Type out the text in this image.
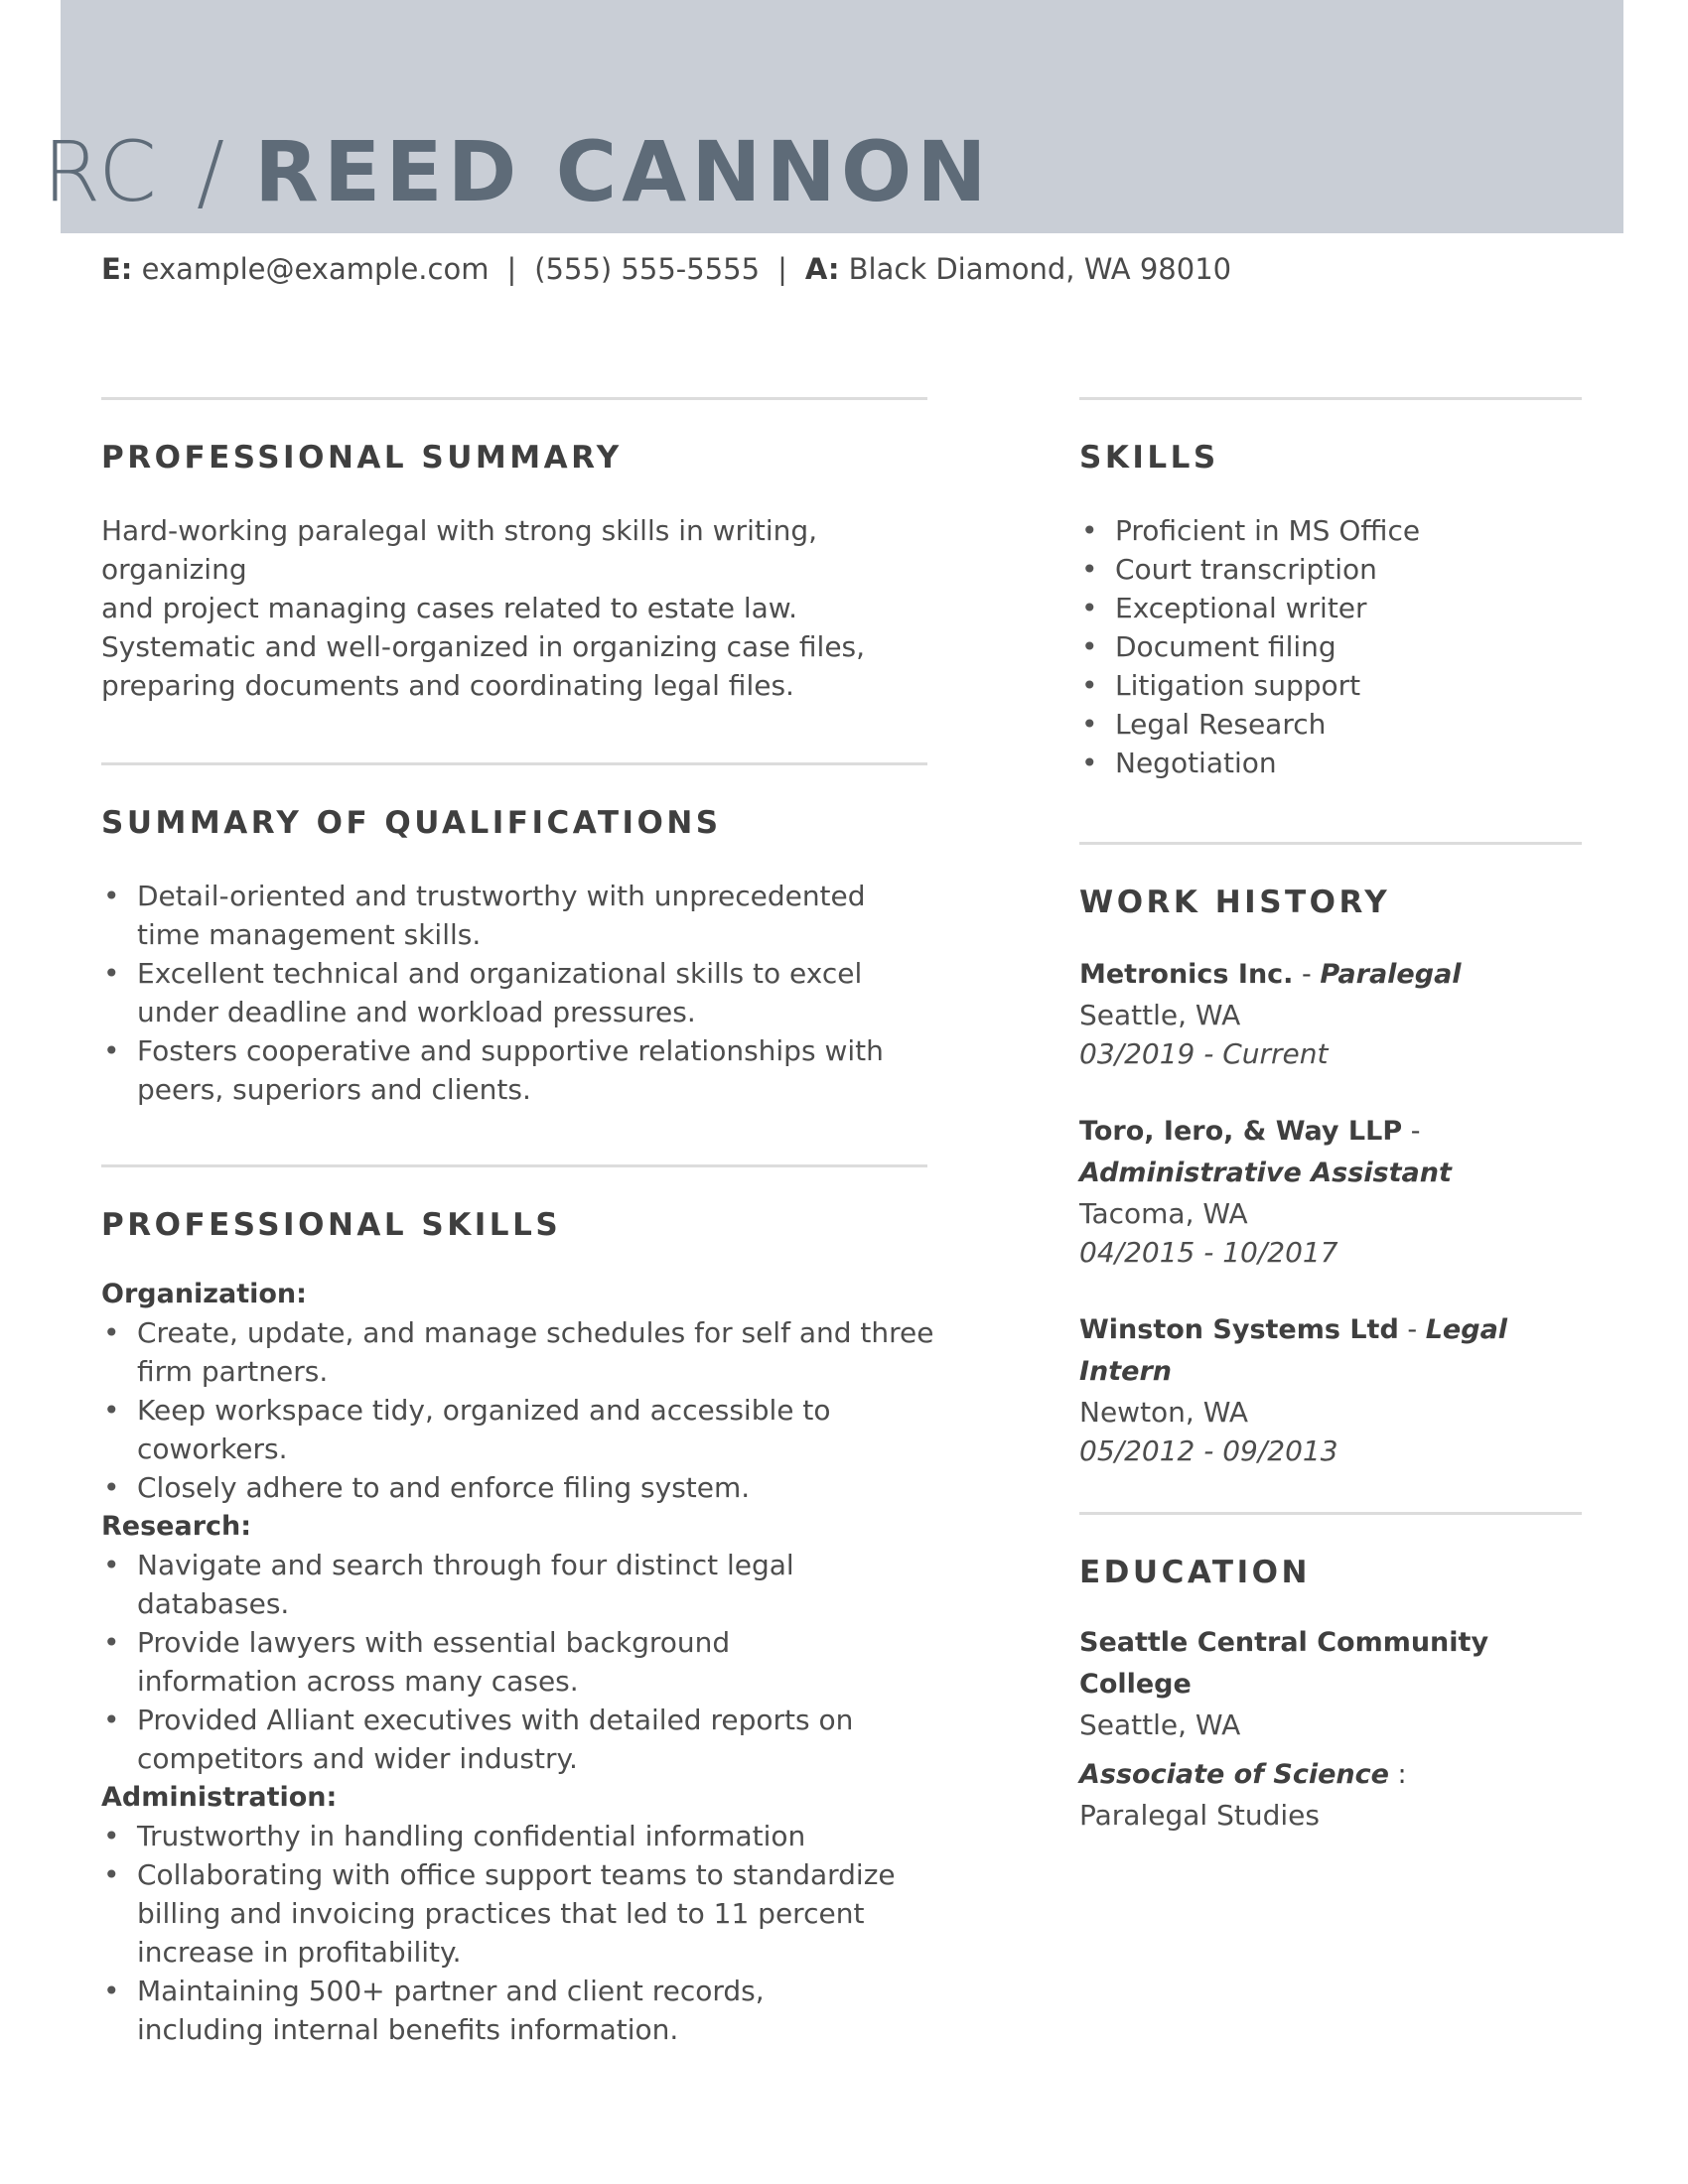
RC / REED CANNON

E: example@example.com | (555) 555-5555 | A: Black Diamond, WA 98010

PROFESSIONAL SUMMARY

Hard-working paralegal with strong skills in writing, organizing

and project managing cases related to estate law.

Systematic and well-organized in organizing case files,

preparing documents and coordinating legal files.

SUMMARY OF QUALIFICATIONS
• Detail-oriented and trustworthy with unprecedented time management skills.
• Excellent technical and organizational skills to excel under deadline and workload pressures.
• Fosters cooperative and supportive relationships with peers, superiors and clients.
PROFESSIONAL SKILLS
Organization:
• Create, update, and manage schedules for self and three firm partners.
• Keep workspace tidy, organized and accessible to coworkers.
• Closely adhere to and enforce filing system.
Research:
• Navigate and search through four distinct legal databases.
• Provide lawyers with essential background information across many cases.
• Provided Alliant executives with detailed reports on competitors and wider industry.
Administration:
• Trustworthy in handling confidential information
• Collaborating with office support teams to standardize billing and invoicing practices that led to 11 percent increase in profitability.
• Maintaining 500+ partner and client records, including internal benefits information.
SKILLS
• Proficient in MS Office
• Court transcription
• Exceptional writer
• Document filing
• Litigation support
• Legal Research
• Negotiation
WORK HISTORY
Metronics Inc. - Paralegal
Seattle, WA
03/2019 - Current
Toro, Iero, & Way LLP - Administrative Assistant
Tacoma, WA
04/2015 - 10/2017
Winston Systems Ltd - Legal Intern
Newton, WA
05/2012 - 09/2013
EDUCATION
Seattle Central Community College
Seattle, WA
Associate of Science :
Paralegal Studies
